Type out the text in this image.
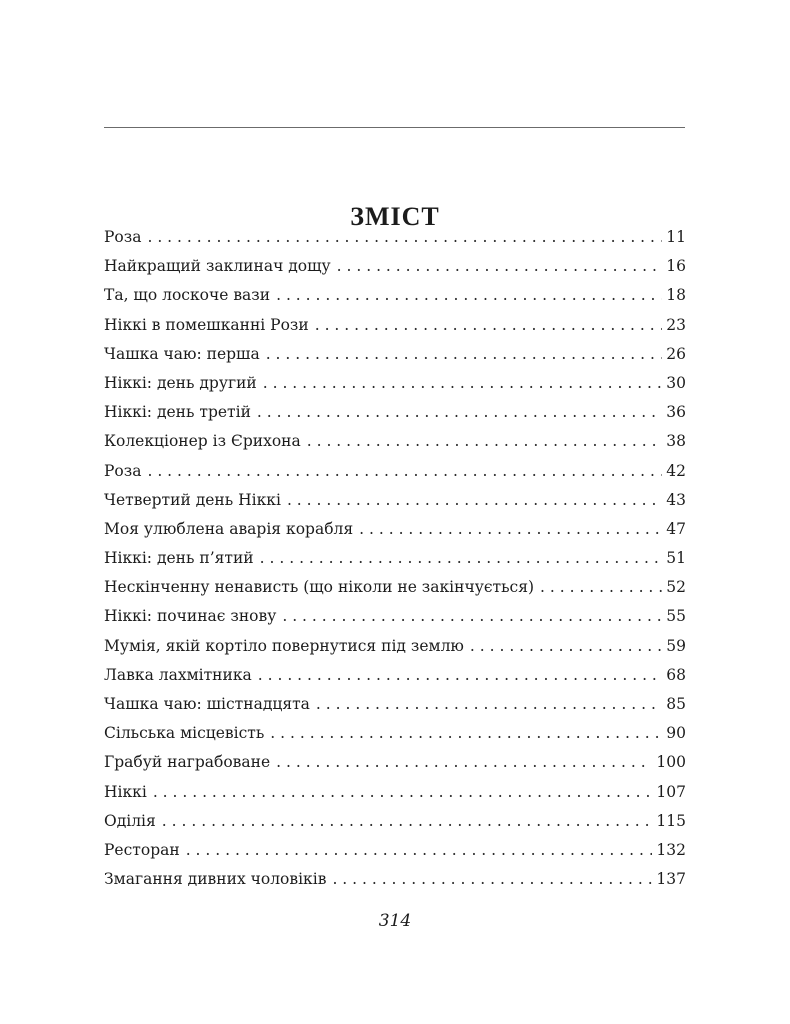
ЗМІСТ
Роза . . .	11
Найкращий заклинач дощу . . .	16
Та, що лоскоче вази . . .	18
Ніккі в помешканні Рози . . .	23
Чашка чаю: перша . . .	26
Ніккі: день другий . . .	30
Ніккі: день третій . . .	36
Колекціонер із Єрихона . . .	38
Роза . . .	42
Четвертий день Ніккі . . .	43
Моя улюблена аварія корабля . . .	47
Ніккі: день п’ятий . . .	51
Нескінченну ненависть (що ніколи не закінчується) . . .	52
Ніккі: починає знову . . .	55
Мумія, якій кортіло повернутися під землю . . .	59
Лавка лахмітника . . .	68
Чашка чаю: шістнадцята . . .	85
Сільська місцевість . . .	90
Грабуй награбоване . . .	100
Ніккі . . .	107
Оділія . . .	115
Ресторан . . .	132
Змагання дивних чоловіків . . .	137
314
